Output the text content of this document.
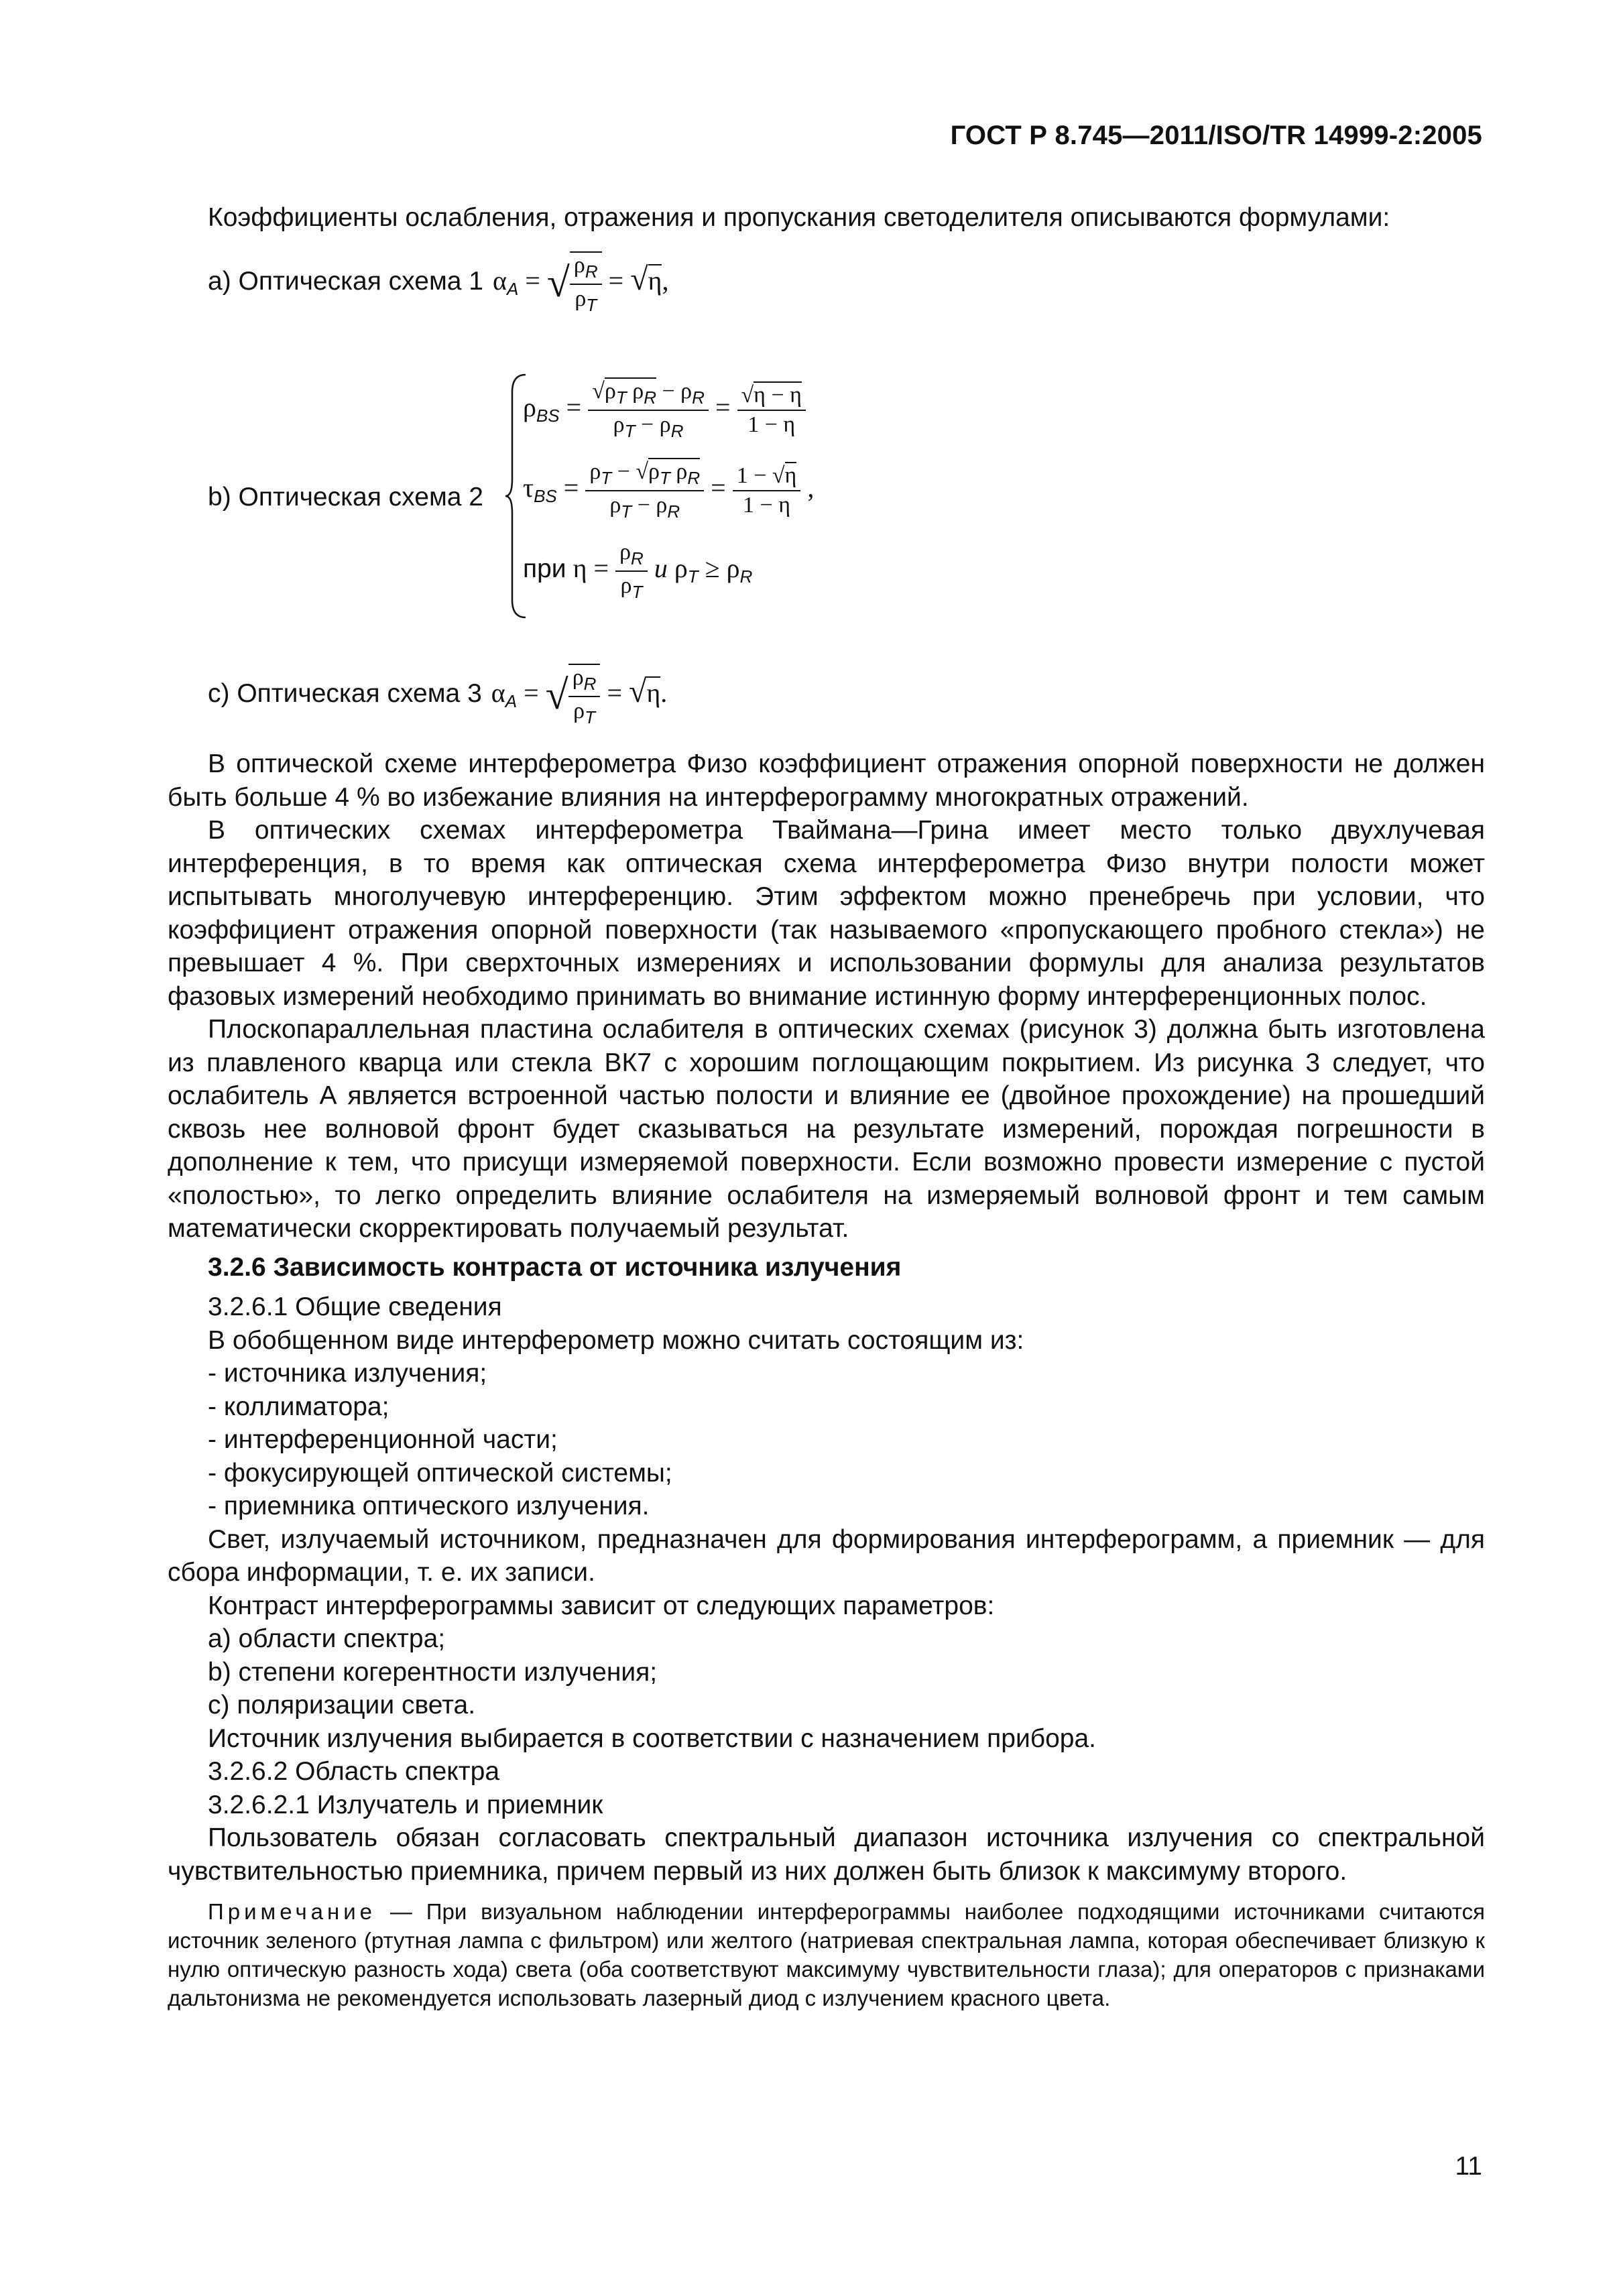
ГОСТ Р 8.745—2011/ISO/TR 14999-2:2005

Коэффициенты ослабления, отражения и пропускания светоделителя описываются формулами:

а) Оптическая схема 1  $\alpha_A$ = √ $\frac{\rho_R}{\rho_T} = √\eta$,
b) Оптическая схема 2
$\rho_{BS} = \frac{√\rho_T \rho_R - \rho_R}{\rho_T - \rho_R} = \frac{√\eta - \eta}{1 - \eta}$
$\tau_{BS} = \frac{\rho_T - √\rho_T \rho_R}{\rho_T - \rho_R} = \frac{1 - √\eta}{1 - \eta}$ ,
при $\eta = \frac{\rho_R}{\rho_T}$ и $\rho_T \ge \rho_R$
с) Оптическая схема 3  $\alpha_A$ = √ $\frac{\rho_R}{\rho_T} = √\eta$.

В оптической схеме интерферометра Физо коэффициент отражения опорной поверхности не должен быть больше 4 % во избежание влияния на интерферограмму многократных отражений.

В оптических схемах интерферометра Тваймана—Грина имеет место только двухлучевая интерференция, в то время как оптическая схема интерферометра Физо внутри полости может испытывать многолучевую интерференцию. Этим эффектом можно пренебречь при условии, что коэффициент отражения опорной поверхности (так называемого «пропускающего пробного стекла») не превышает 4 %. При сверхточных измерениях и использовании формулы для анализа результатов фазовых измерений необходимо принимать во внимание истинную форму интерференционных полос.

Плоскопараллельная пластина ослабителя в оптических схемах (рисунок 3) должна быть изготовлена из плавленого кварца или стекла ВК7 с хорошим поглощающим покрытием. Из рисунка 3 следует, что ослабитель А является встроенной частью полости и влияние ее (двойное прохождение) на прошедший сквозь нее волновой фронт будет сказываться на результате измерений, порождая погрешности в дополнение к тем, что присущи измеряемой поверхности. Если возможно провести измерение с пустой «полостью», то легко определить влияние ослабителя на измеряемый волновой фронт и тем самым математически скорректировать получаемый результат.

3.2.6 Зависимость контраста от источника излучения

3.2.6.1 Общие сведения

В обобщенном виде интерферометр можно считать состоящим из:

- источника излучения;

- коллиматора;

- интерференционной части;

- фокусирующей оптической системы;

- приемника оптического излучения.

Свет, излучаемый источником, предназначен для формирования интерферограмм, а приемник — для сбора информации, т. е. их записи.

Контраст интерферограммы зависит от следующих параметров:

а) области спектра;

b) степени когерентности излучения;

с) поляризации света.

Источник излучения выбирается в соответствии с назначением прибора.

3.2.6.2 Область спектра

3.2.6.2.1 Излучатель и приемник

Пользователь обязан согласовать спектральный диапазон источника излучения со спектральной чувствительностью приемника, причем первый из них должен быть близок к максимуму второго.

Примечание — При визуальном наблюдении интерферограммы наиболее подходящими источниками считаются источник зеленого (ртутная лампа с фильтром) или желтого (натриевая спектральная лампа, которая обеспечивает близкую к нулю оптическую разность хода) света (оба соответствуют максимуму чувствительности глаза); для операторов с признаками дальтонизма не рекомендуется использовать лазерный диод с излучением красного цвета.

11
